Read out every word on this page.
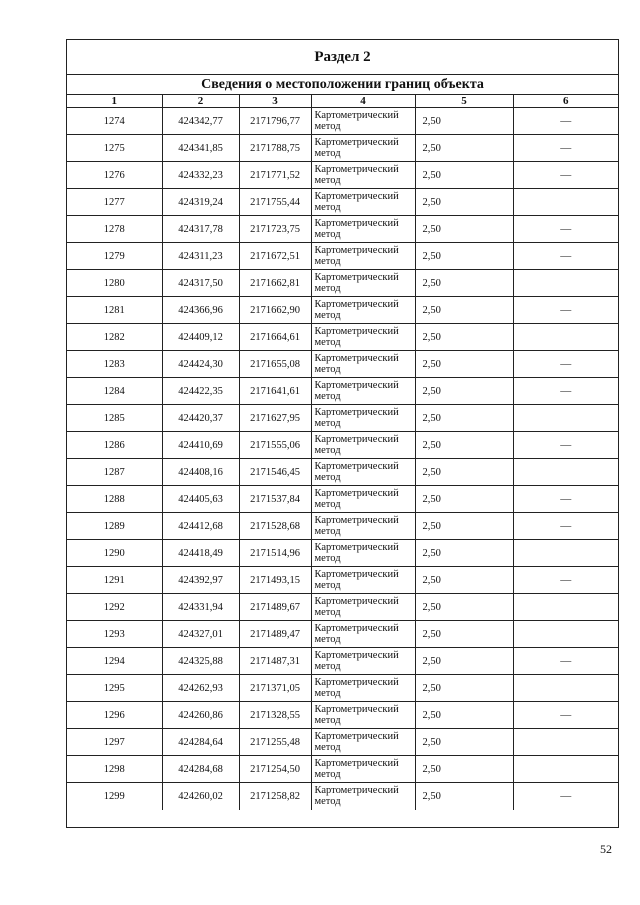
Раздел 2
Сведения о местоположении границ объекта
1	2	3	4	5	6
1274	424342,77	2171796,77	Картометрический метод	2,50	—
1275	424341,85	2171788,75	Картометрический метод	2,50	—
1276	424332,23	2171771,52	Картометрический метод	2,50	—
1277	424319,24	2171755,44	Картометрический метод	2,50	
1278	424317,78	2171723,75	Картометрический метод	2,50	—
1279	424311,23	2171672,51	Картометрический метод	2,50	—
1280	424317,50	2171662,81	Картометрический метод	2,50	
1281	424366,96	2171662,90	Картометрический метод	2,50	—
1282	424409,12	2171664,61	Картометрический метод	2,50	
1283	424424,30	2171655,08	Картометрический метод	2,50	—
1284	424422,35	2171641,61	Картометрический метод	2,50	—
1285	424420,37	2171627,95	Картометрический метод	2,50	
1286	424410,69	2171555,06	Картометрический метод	2,50	—
1287	424408,16	2171546,45	Картометрический метод	2,50	
1288	424405,63	2171537,84	Картометрический метод	2,50	—
1289	424412,68	2171528,68	Картометрический метод	2,50	—
1290	424418,49	2171514,96	Картометрический метод	2,50	
1291	424392,97	2171493,15	Картометрический метод	2,50	—
1292	424331,94	2171489,67	Картометрический метод	2,50	
1293	424327,01	2171489,47	Картометрический метод	2,50	
1294	424325,88	2171487,31	Картометрический метод	2,50	—
1295	424262,93	2171371,05	Картометрический метод	2,50	
1296	424260,86	2171328,55	Картометрический метод	2,50	—
1297	424284,64	2171255,48	Картометрический метод	2,50	
1298	424284,68	2171254,50	Картометрический метод	2,50	
1299	424260,02	2171258,82	Картометрический метод	2,50	—
52
